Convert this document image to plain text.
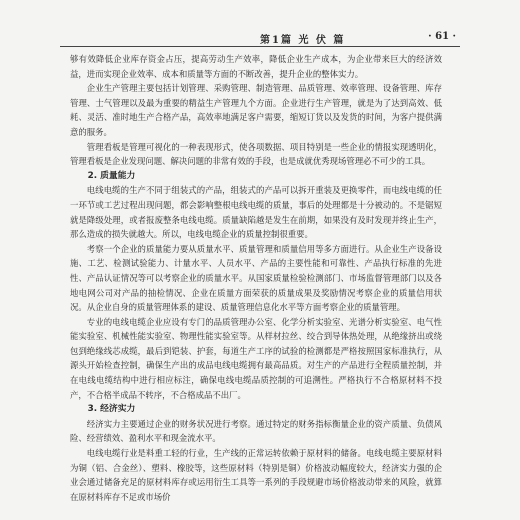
第1篇 光 伏 篇	· 61 ·

够有效降低企业库存资金占压，提高劳动生产效率，降低企业生产成本，为企业带来巨大的经济效益，进而实现企业效率、成本和质量等方面的不断改善，提升企业的整体实力。

企业生产管理主要包括计划管理、采购管理、制造管理、品质管理、效率管理、设备管理、库存管理、士气管理以及最为重要的精益生产管理九个方面。企业进行生产管理，就是为了达到高效、低耗、灵活、准时地生产合格产品，高效率地满足客户需要，缩短订货以及发货的时间，为客户提供满意的服务。

管理看板是管理可视化的一种表现形式，使各项数据、项目特别是一些企业的情报实现透明化，管理看板是企业发现问题、解决问题的非常有效的手段，也是成就优秀现场管理必不可少的工具。

2. 质量能力

电线电缆的生产不同于组装式的产品，组装式的产品可以拆开重装及更换零件，而电线电缆的任一环节或工艺过程出现问题，都会影响整根电线电缆的质量，事后的处理都是十分被动的。不是锯短就是降级处理，或者报废整条电线电缆。质量缺陷越是发生在前期，如果没有及时发现并终止生产，那么造成的损失就越大。所以，电线电缆企业的质量控制很重要。

考察一个企业的质量能力要从质量水平、质量管理和质量信用等多方面进行。从企业生产设备设施、工艺、检测试验能力、计量水平、人员水平、产品的主要性能和可靠性、产品执行标准的先进性、产品认证情况等可以考察企业的质量水平。从国家质量检验检测部门、市场监督管理部门以及各地电网公司对产品的抽检情况、企业在质量方面荣获的质量成果及奖励情况考察企业的质量信用状况。从企业自身的质量管理体系的建设、质量管理信息化水平等方面考察企业的质量管理。

专业的电线电缆企业应设有专门的品质管理办公室、化学分析实验室、光谱分析实验室、电气性能实验室、机械性能实验室、物理性能实验室等。从样材拉丝、绞合到导体热处理，从绝缘挤出或绕包到绝缘线芯成缆，最后到铠装、护套，每道生产工序的试验的检测都是严格按照国家标准执行，从源头开始检查控制，确保生产出的成品电线电缆拥有最高品质。对生产的产品进行全程质量控制，并在电线电缆结构中进行相应标注，确保电线电缆品质控制的可追溯性。严格执行不合格原材料不投产，不合格半成品不转序，不合格成品不出厂。

3. 经济实力

经济实力主要通过企业的财务状况进行考察。通过特定的财务指标衡量企业的资产质量、负债风险、经营绩效、盈利水平和现金流水平。

电线电缆行业是料重工轻的行业，生产线的正常运转依赖于原材料的储备。电线电缆主要原材料为铜（铝、合金丝）、塑料、橡胶等，这些原材料（特别是铜）价格波动幅度较大，经济实力强的企业会通过储备充足的原材料库存或运用衍生工具等一系列的手段规避市场价格波动带来的风险，就算在原材料库存不足或市场价
